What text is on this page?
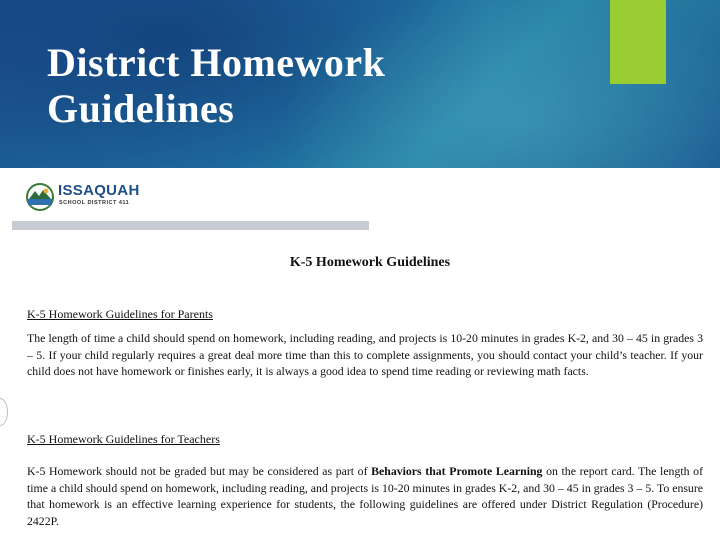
District Homework
Guidelines

ISSAQUAH

SCHOOL DISTRICT 411

K-5 Homework Guidelines

K-5 Homework Guidelines for Parents

The length of time a child should spend on homework, including reading, and projects is 10-20 minutes in grades K-2, and 30 – 45 in grades 3 – 5. If your child regularly requires a great deal more time than this to complete assignments, you should contact your child’s teacher. If your child does not have homework or finishes early, it is always a good idea to spend time reading or reviewing math facts.

K-5 Homework Guidelines for Teachers

K-5 Homework should not be graded but may be considered as part of Behaviors that Promote Learning on the report card. The length of time a child should spend on homework, including reading, and projects is 10-20 minutes in grades K-2, and 30 – 45 in grades 3 – 5. To ensure that homework is an effective learning experience for students, the following guidelines are offered under District Regulation (Procedure) 2422P.
